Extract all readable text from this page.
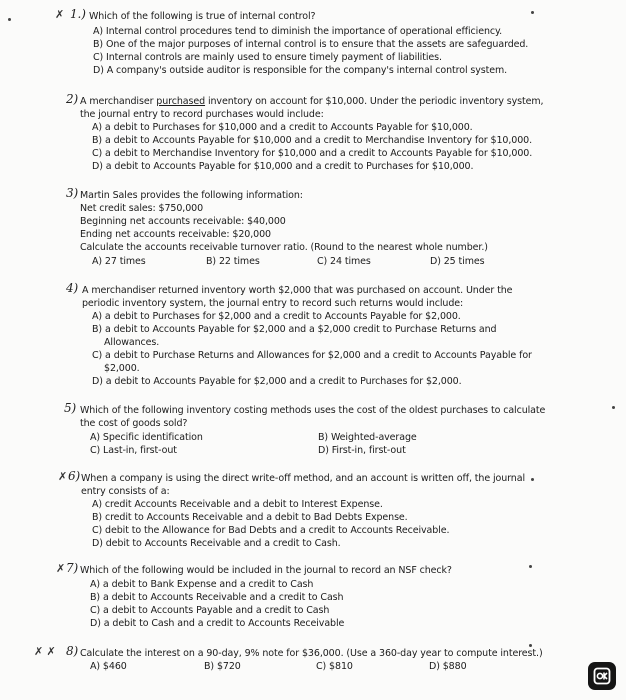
✗ 1.) Which of the following is true of internal control?
A) Internal control procedures tend to diminish the importance of operational efficiency.
B) One of the major purposes of internal control is to ensure that the assets are safeguarded.
C) Internal controls are mainly used to ensure timely payment of liabilities.
D) A company's outside auditor is responsible for the company's internal control system.
2) A merchandiser purchased inventory on account for $10,000. Under the periodic inventory system,
the journal entry to record purchases would include:
A) a debit to Purchases for $10,000 and a credit to Accounts Payable for $10,000.
B) a debit to Accounts Payable for $10,000 and a credit to Merchandise Inventory for $10,000.
C) a debit to Merchandise Inventory for $10,000 and a credit to Accounts Payable for $10,000.
D) a debit to Accounts Payable for $10,000 and a credit to Purchases for $10,000.
3) Martin Sales provides the following information:
Net credit sales: $750,000
Beginning net accounts receivable: $40,000
Ending net accounts receivable: $20,000
Calculate the accounts receivable turnover ratio. (Round to the nearest whole number.)
A) 27 times	B) 22 times	C) 24 times	D) 25 times
4) A merchandiser returned inventory worth $2,000 that was purchased on account. Under the
periodic inventory system, the journal entry to record such returns would include:
A) a debit to Purchases for $2,000 and a credit to Accounts Payable for $2,000.
B) a debit to Accounts Payable for $2,000 and a $2,000 credit to Purchase Returns and
Allowances.
C) a debit to Purchase Returns and Allowances for $2,000 and a credit to Accounts Payable for
$2,000.
D) a debit to Accounts Payable for $2,000 and a credit to Purchases for $2,000.
5) Which of the following inventory costing methods uses the cost of the oldest purchases to calculate
the cost of goods sold?
A) Specific identification	B) Weighted-average
C) Last-in, first-out	D) First-in, first-out
✗ 6) When a company is using the direct write-off method, and an account is written off, the journal
entry consists of a:
A) credit Accounts Receivable and a debit to Interest Expense.
B) credit to Accounts Receivable and a debit to Bad Debts Expense.
C) debit to the Allowance for Bad Debts and a credit to Accounts Receivable.
D) debit to Accounts Receivable and a credit to Cash.
✗ 7) Which of the following would be included in the journal to record an NSF check?
A) a debit to Bank Expense and a credit to Cash
B) a debit to Accounts Receivable and a credit to Cash
C) a debit to Accounts Payable and a credit to Cash
D) a debit to Cash and a credit to Accounts Receivable
✗ ✗ 8) Calculate the interest on a 90-day, 9% note for $36,000. (Use a 360-day year to compute interest.)
A) $460	B) $720	C) $810	D) $880
